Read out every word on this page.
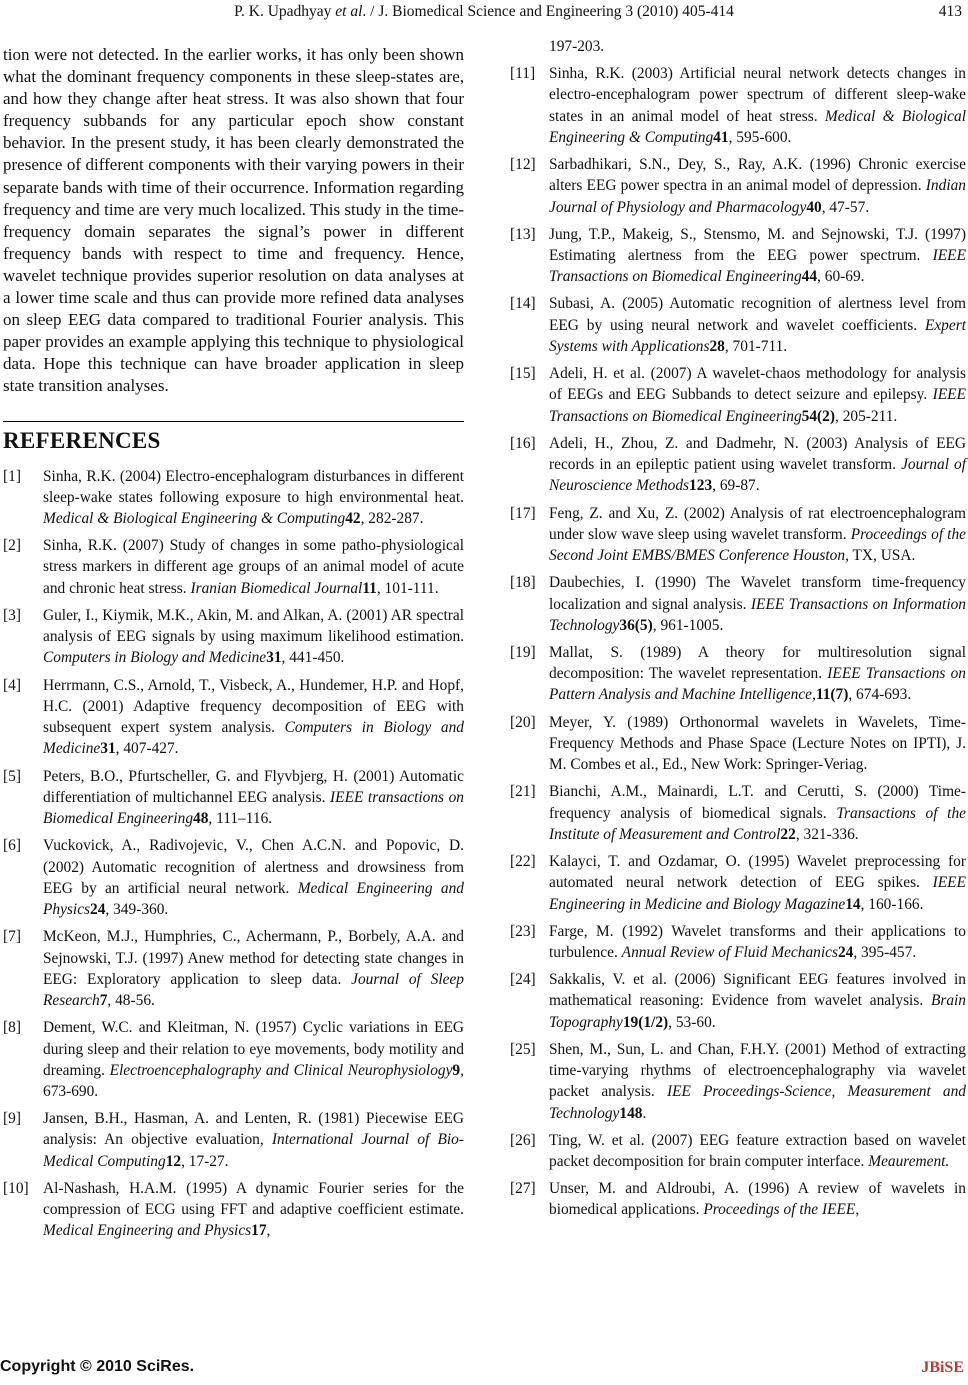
P. K. Upadhyay et al. / J. Biomedical Science and Engineering 3 (2010) 405-414	413

tion were not detected. In the earlier works, it has only been shown what the dominant frequency components in these sleep-states are, and how they change after heat stress. It was also shown that four frequency subbands for any particular epoch show constant behavior. In the present study, it has been clearly demonstrated the presence of different components with their varying powers in their separate bands with time of their occurrence. Information regarding frequency and time are very much localized. This study in the time-frequency domain separates the signal’s power in different frequency bands with respect to time and frequency. Hence, wavelet technique provides superior resolution on data analyses at a lower time scale and thus can provide more refined data analyses on sleep EEG data compared to traditional Fourier analysis. This paper provides an example applying this technique to physiological data. Hope this technique can have broader application in sleep state transition analyses.

REFERENCES
[1]	Sinha, R.K. (2004) Electro-encephalogram disturbances in different sleep-wake states following exposure to high environmental heat. Medical & Biological Engineering & Computing42, 282-287.
[2]	Sinha, R.K. (2007) Study of changes in some patho-physiological stress markers in different age groups of an animal model of acute and chronic heat stress. Iranian Biomedical Journal11, 101-111.
[3]	Guler, I., Kiymik, M.K., Akin, M. and Alkan, A. (2001) AR spectral analysis of EEG signals by using maximum likelihood estimation. Computers in Biology and Medicine31, 441-450.
[4]	Herrmann, C.S., Arnold, T., Visbeck, A., Hundemer, H.P. and Hopf, H.C. (2001) Adaptive frequency decomposition of EEG with subsequent expert system analysis. Computers in Biology and Medicine31, 407-427.
[5]	Peters, B.O., Pfurtscheller, G. and Flyvbjerg, H. (2001) Automatic differentiation of multichannel EEG analysis. IEEE transactions on Biomedical Engineering48, 111–116.
[6]	Vuckovick, A., Radivojevic, V., Chen A.C.N. and Popovic, D. (2002) Automatic recognition of alertness and drowsiness from EEG by an artificial neural network. Medical Engineering and Physics24, 349-360.
[7]	McKeon, M.J., Humphries, C., Achermann, P., Borbely, A.A. and Sejnowski, T.J. (1997) Anew method for detecting state changes in EEG: Exploratory application to sleep data. Journal of Sleep Research7, 48-56.
[8]	Dement, W.C. and Kleitman, N. (1957) Cyclic variations in EEG during sleep and their relation to eye movements, body motility and dreaming. Electroencephalography and Clinical Neurophysiology9, 673-690.
[9]	Jansen, B.H., Hasman, A. and Lenten, R. (1981) Piecewise EEG analysis: An objective evaluation, International Journal of Bio-Medical Computing12, 17-27.
[10] Al-Nashash, H.A.M. (1995) A dynamic Fourier series for the compression of ECG using FFT and adaptive coefficient estimate. Medical Engineering and Physics17,
197-203.
[11] Sinha, R.K. (2003) Artificial neural network detects changes in electro-encephalogram power spectrum of different sleep-wake states in an animal model of heat stress. Medical & Biological Engineering & Computing41, 595-600.
[12] Sarbadhikari, S.N., Dey, S., Ray, A.K. (1996) Chronic exercise alters EEG power spectra in an animal model of depression. Indian Journal of Physiology and Pharmacology40, 47-57.
[13] Jung, T.P., Makeig, S., Stensmo, M. and Sejnowski, T.J. (1997) Estimating alertness from the EEG power spectrum. IEEE Transactions on Biomedical Engineering44, 60-69.
[14] Subasi, A. (2005) Automatic recognition of alertness level from EEG by using neural network and wavelet coefficients. Expert Systems with Applications28, 701-711.
[15] Adeli, H. et al. (2007) A wavelet-chaos methodology for analysis of EEGs and EEG Subbands to detect seizure and epilepsy. IEEE Transactions on Biomedical Engineering54(2), 205-211.
[16] Adeli, H., Zhou, Z. and Dadmehr, N. (2003) Analysis of EEG records in an epileptic patient using wavelet transform. Journal of Neuroscience Methods123, 69-87.
[17] Feng, Z. and Xu, Z. (2002) Analysis of rat electroencephalogram under slow wave sleep using wavelet transform. Proceedings of the Second Joint EMBS/BMES Conference Houston, TX, USA.
[18] Daubechies, I. (1990) The Wavelet transform time-frequency localization and signal analysis. IEEE Transactions on Information Technology36(5), 961-1005.
[19] Mallat, S. (1989) A theory for multiresolution signal decomposition: The wavelet representation. IEEE Transactions on Pattern Analysis and Machine Intelligence,11(7), 674-693.
[20] Meyer, Y. (1989) Orthonormal wavelets in Wavelets, Time-Frequency Methods and Phase Space (Lecture Notes on IPTI), J. M. Combes et al., Ed., New Work: Springer-Veriag.
[21] Bianchi, A.M., Mainardi, L.T. and Cerutti, S. (2000) Time-frequency analysis of biomedical signals. Transactions of the Institute of Measurement and Control22, 321-336.
[22] Kalayci, T. and Ozdamar, O. (1995) Wavelet preprocessing for automated neural network detection of EEG spikes. IEEE Engineering in Medicine and Biology Magazine14, 160-166.
[23] Farge, M. (1992) Wavelet transforms and their applications to turbulence. Annual Review of Fluid Mechanics24, 395-457.
[24] Sakkalis, V. et al. (2006) Significant EEG features involved in mathematical reasoning: Evidence from wavelet analysis. Brain Topography19(1/2), 53-60.
[25] Shen, M., Sun, L. and Chan, F.H.Y. (2001) Method of extracting time-varying rhythms of electroencephalography via wavelet packet analysis. IEE Proceedings-Science, Measurement and Technology148.
[26] Ting, W. et al. (2007) EEG feature extraction based on wavelet packet decomposition for brain computer interface. Meaurement.
[27] Unser, M. and Aldroubi, A. (1996) A review of wavelets in biomedical applications. Proceedings of the IEEE,
Copyright © 2010 SciRes.	JBiSE
